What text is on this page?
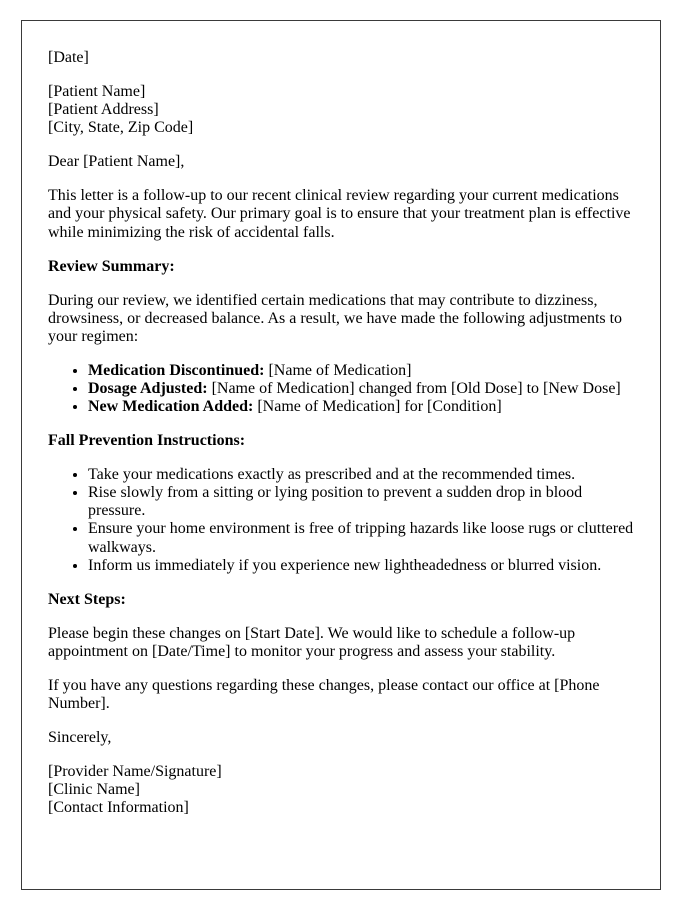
[Date]

[Patient Name]
[Patient Address]
[City, State, Zip Code]

Dear [Patient Name],

This letter is a follow-up to our recent clinical review regarding your current medications and your physical safety. Our primary goal is to ensure that your treatment plan is effective while minimizing the risk of accidental falls.

Review Summary:

During our review, we identified certain medications that may contribute to dizziness, drowsiness, or decreased balance. As a result, we have made the following adjustments to your regimen:

• Medication Discontinued: [Name of Medication]
• Dosage Adjusted: [Name of Medication] changed from [Old Dose] to [New Dose]
• New Medication Added: [Name of Medication] for [Condition]

Fall Prevention Instructions:

• Take your medications exactly as prescribed and at the recommended times.
• Rise slowly from a sitting or lying position to prevent a sudden drop in blood pressure.
• Ensure your home environment is free of tripping hazards like loose rugs or cluttered walkways.
• Inform us immediately if you experience new lightheadedness or blurred vision.

Next Steps:

Please begin these changes on [Start Date]. We would like to schedule a follow-up appointment on [Date/Time] to monitor your progress and assess your stability.

If you have any questions regarding these changes, please contact our office at [Phone Number].

Sincerely,

[Provider Name/Signature]
[Clinic Name]
[Contact Information]
